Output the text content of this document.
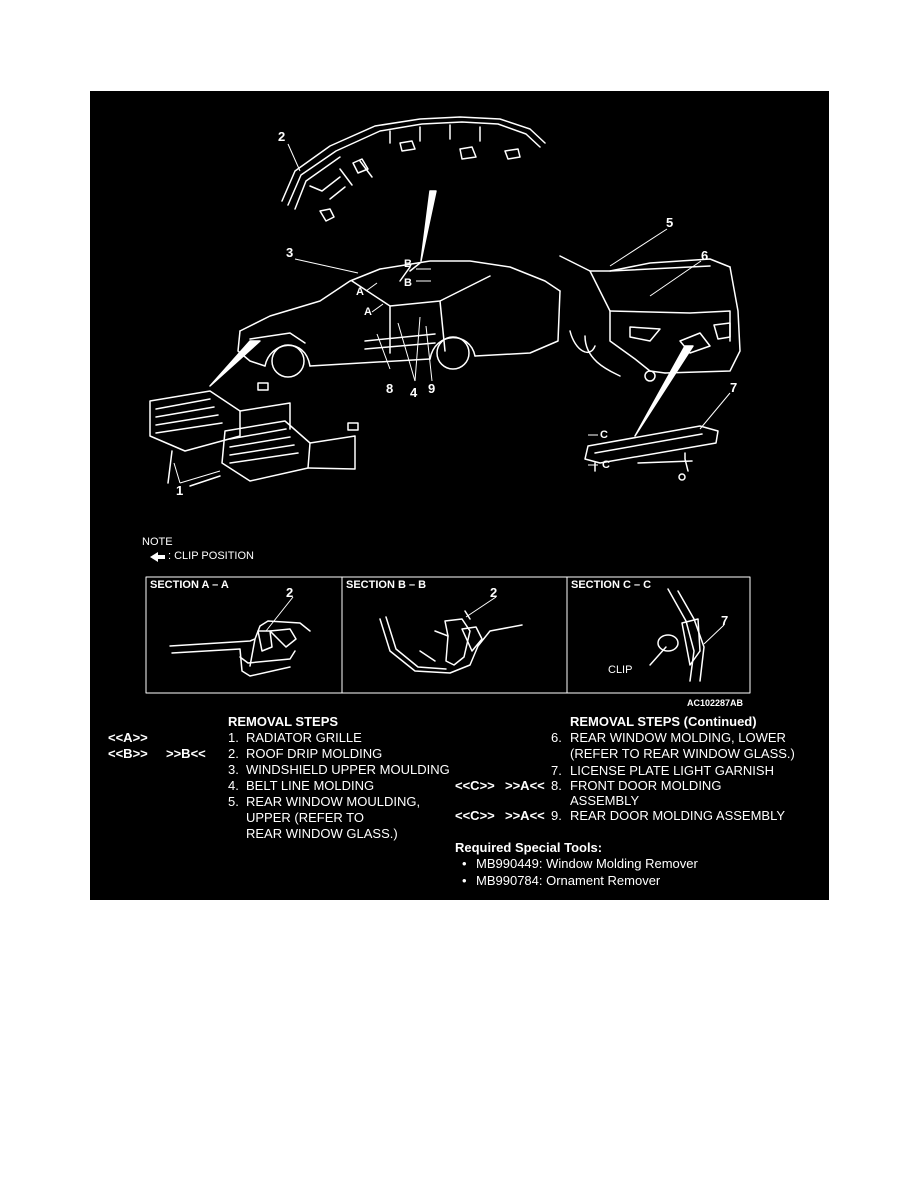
2
3
5
6
7
8 4 9
1
A
A
B
B
C
C
NOTE
: CLIP POSITION
SECTION A – A	SECTION B – B	SECTION C – C
2	2
7
CLIP
AC102287AB
REMOVAL STEPS
<<A>>	1. RADIATOR GRILLE
<<B>> >>B<< 2. ROOF DRIP MOLDING
3. WINDSHIELD UPPER MOULDING
4. BELT LINE MOLDING
5. REAR WINDOW MOULDING,
UPPER (REFER TO
REAR WINDOW GLASS.)
REMOVAL STEPS (Continued)
6. REAR WINDOW MOLDING, LOWER
(REFER TO REAR WINDOW GLASS.)
7. LICENSE PLATE LIGHT GARNISH
<<C>> >>A<< 8. FRONT DOOR MOLDING
ASSEMBLY
<<C>> >>A<< 9. REAR DOOR MOLDING ASSEMBLY
Required Special Tools:
• MB990449: Window Molding Remover
• MB990784: Ornament Remover
